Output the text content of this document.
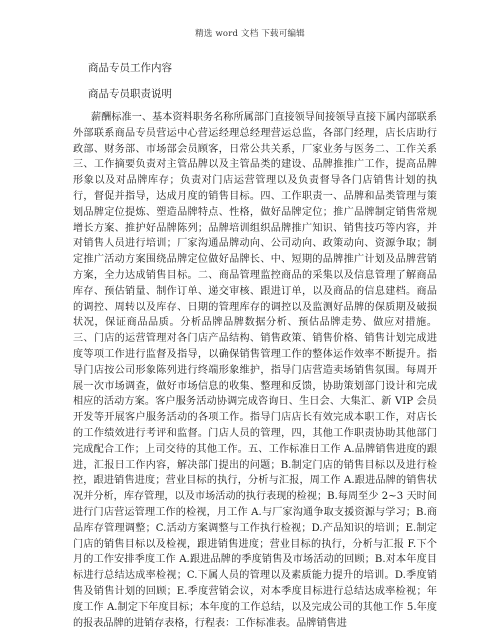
精选 word 文档 下载可编辑
商品专员工作内容
商品专员职责说明
薪酬标准一、基本资料职务名称所属部门直接领导间接领导直接下属内部联系外部联系商品专员营运中心营运经理总经理营运总监，各部门经理，店长店助行政部、财务部、市场部会员顾客，日常公共关系，厂家业务与医务二、工作关系三、工作摘要负责对主管品牌以及主管品类的建设、品牌推推广工作，提高品牌形象以及对品牌库存；负责对门店运营管理以及负责督导各门店销售计划的执行，督促并指导，达成月度的销售目标。四、工作职责一、品牌和品类管理与策划品牌定位提炼、塑造品牌特点、性格，做好品牌定位；推广品牌制定销售常规增长方案、推护好品牌陈列；品牌培训组织品牌推广知识、销售技巧等内容，并对销售人员进行培训；厂家沟通品牌动向、公司动向、政策动向、资源争取；制定推广活动方案围绕品牌定位做好品牌长、中、短期的品牌推广计划及品牌营销方案，全力达成销售目标。二、商品管理监控商品的采集以及信息管理了解商品库存、预估销量、制作订单、递交审核、跟进订单，以及商品的信息建档。商品的调控、周转以及库存、日期的管理库存的调控以及监测好品牌的保质期及破损状况，保证商品品质。分析品牌品牌数据分析、预估品牌走势、做应对措施。三、门店的运营管理对各门店产品结构、销售政策、销售价格、销售计划完成进度等项工作进行监督及指导，以确保销售管理工作的整体运作效率不断提升。指导门店按公司形象陈列进行终端形象维护，指导门店营造卖场销售氛围。每周开展一次市场调查，做好市场信息的收集、整理和反馈，协助策划部门设计和完成相应的活动方案。客户服务活动协调完成咨询日、生日会、大集汇、新 VIP 会员开发等开展客户服务活动的各项工作。指导门店店长有效完成本职工作，对店长的工作绩效进行考评和监督。门店人员的管理，四，其他工作职责协助其他部门完成配合工作；上司交待的其他工作。五、工作标准日工作 A.品牌销售进度的跟进，汇报日工作内容，解决部门提出的问题；B.制定门店的销售目标以及进行检控，跟进销售进度；营业目标的执行，分析与汇报，周工作 A.跟进品牌的销售状况并分析，库存管理，以及市场活动的执行表现的检视；B.每周至少 2~3 天时间进行门店营运管理工作的检视，月工作 A.与厂家沟通争取支援资源与学习；B.商品库存管理调整；C.活动方案调整与工作执行检视；D.产品知识的培训；E.制定门店的销售目标以及检视，跟进销售进度；营业目标的执行，分析与汇报 F.下个月的工作安排季度工作 A.跟进品牌的季度销售及市场活动的回顾；B.对本年度目标进行总结达成率检视；C.下属人员的管理以及素质能力提升的培训。D.季度销售及销售计划的回顾；E.季度营销会议，对本季度目标进行总结达成率检视；年度工作 A.制定下年度目标；本年度的工作总结，以及完成公司的其他工作 5.年度的报表品牌的进销存表格，行程表：工作标准表。品牌销售进
